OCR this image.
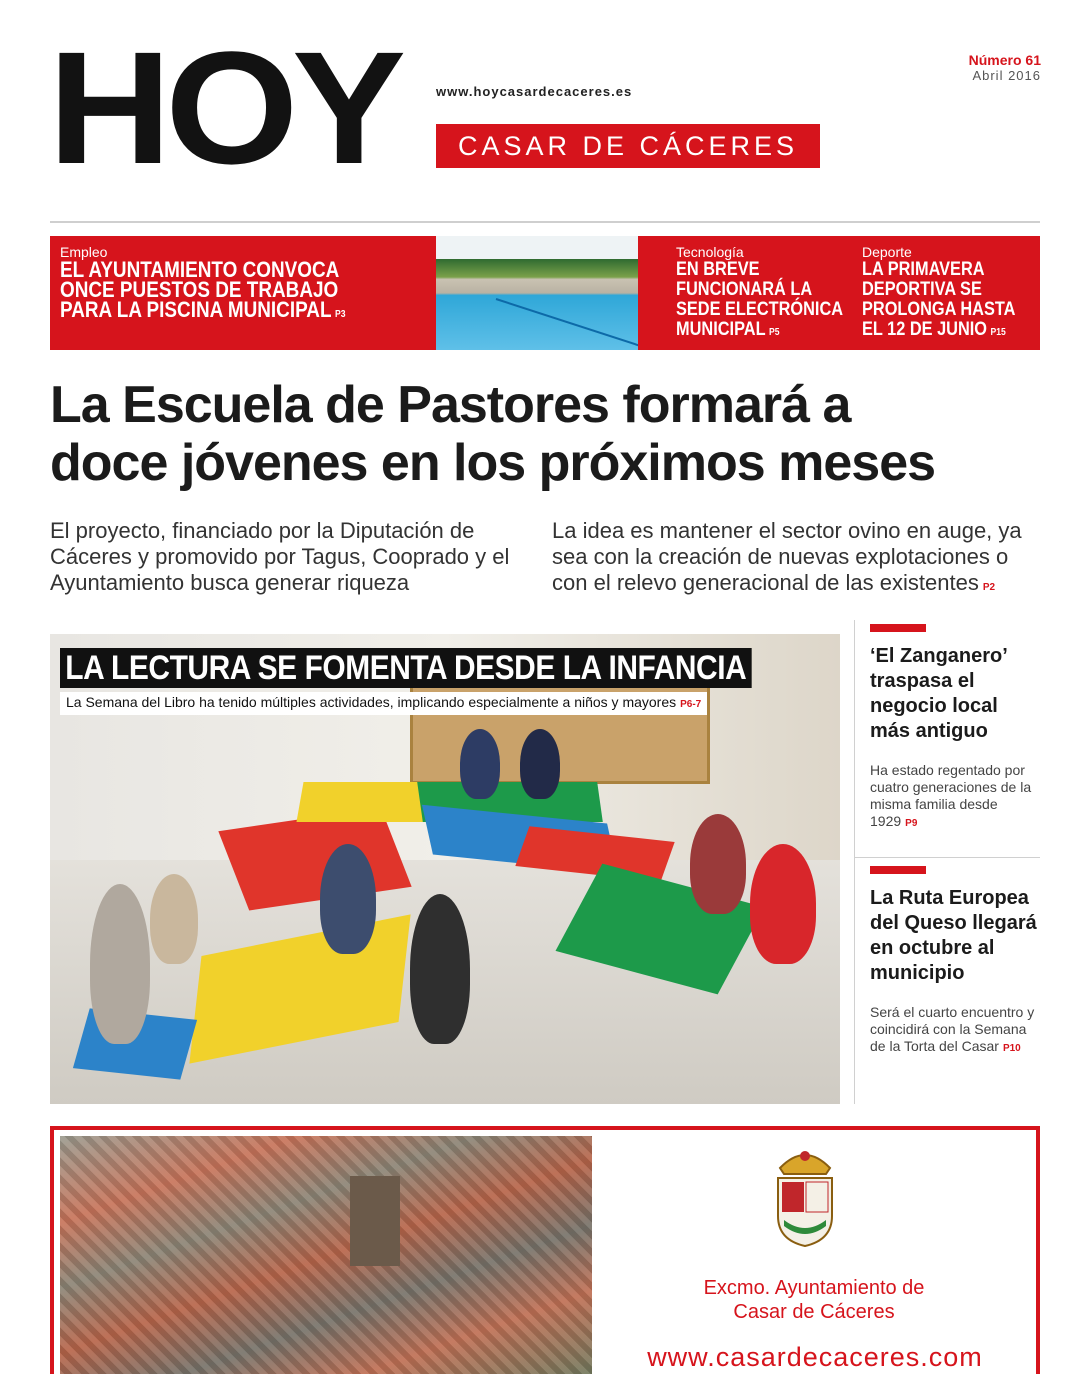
HOY	www.hoycasardecaceres.es
CASAR DE CÁCERES
Número 61
Abril 2016
Empleo
EL AYUNTAMIENTO CONVOCA ONCE PUESTOS DE TRABAJO PARA LA PISCINA MUNICIPAL P3
Tecnología
EN BREVE FUNCIONARÁ LA SEDE ELECTRÓNICA MUNICIPAL P5
Deporte
LA PRIMAVERA DEPORTIVA SE PROLONGA HASTA EL 12 DE JUNIO P15
La Escuela de Pastores formará a
doce jóvenes en los próximos meses
El proyecto, financiado por la Diputación de Cáceres y promovido por Tagus, Cooprado y el Ayuntamiento busca generar riqueza
La idea es mantener el sector ovino en auge, ya sea con la creación de nuevas explotaciones o con el relevo generacional de las existentes P2
LA LECTURA SE FOMENTA DESDE LA INFANCIA
La Semana del Libro ha tenido múltiples actividades, implicando especialmente a niños y mayores P6-7
‘El Zanganero’ traspasa el negocio local más antiguo
Ha estado regentado por cuatro generaciones de la misma familia desde 1929 P9
La Ruta Europea del Queso llegará en octubre al municipio
Será el cuarto encuentro y coincidirá con la Semana de la Torta del Casar P10
Excmo. Ayuntamiento de
Casar de Cáceres
www.casardecaceres.com
